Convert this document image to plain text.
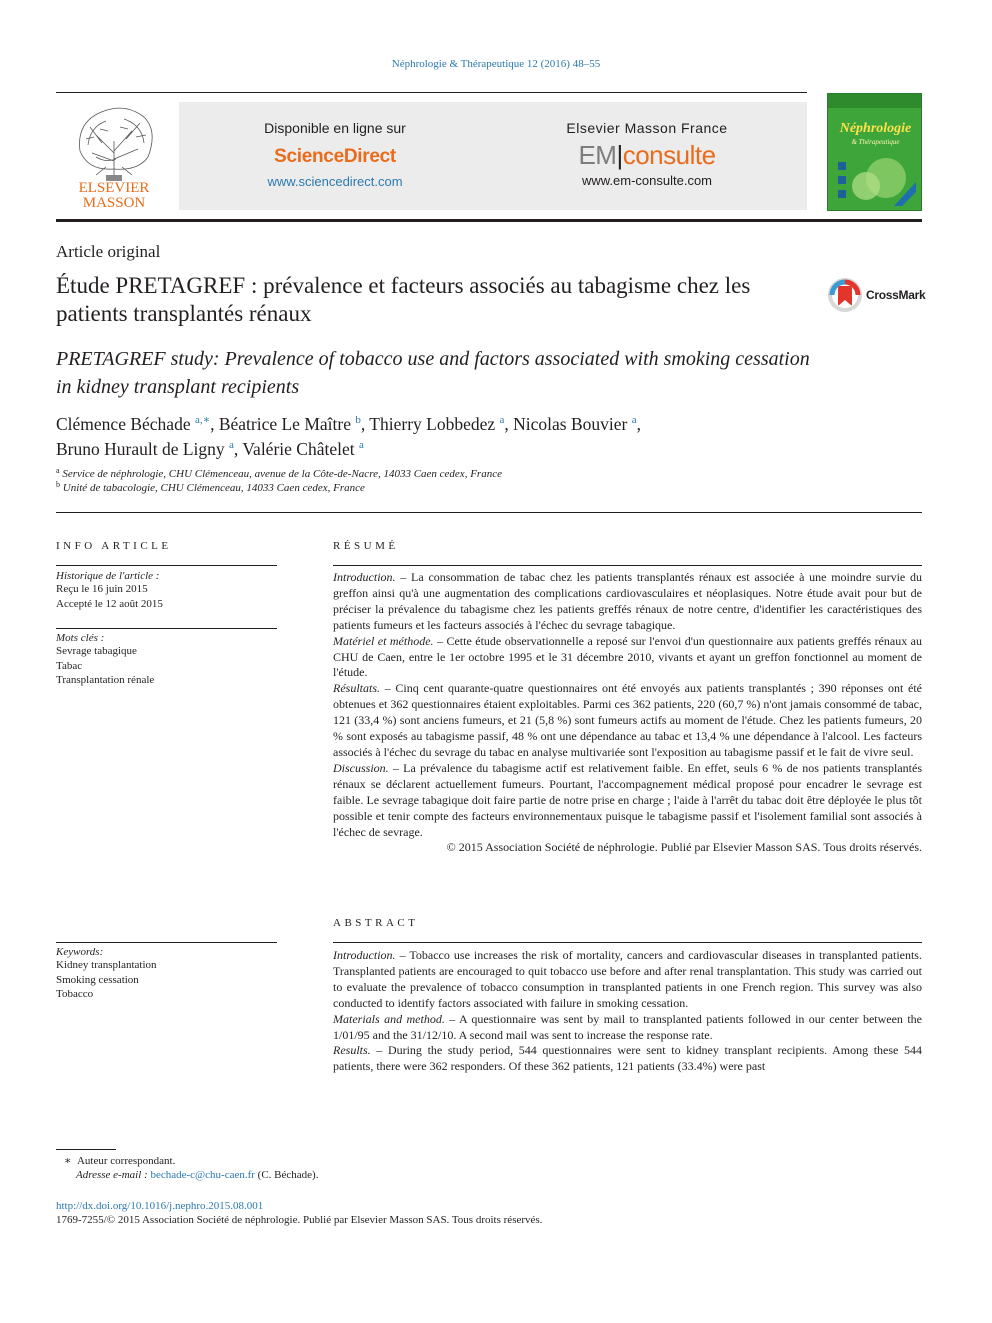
Néphrologie & Thérapeutique 12 (2016) 48–55
ELSEVIER
MASSON
Disponible en ligne sur
ScienceDirect
www.sciencedirect.com
Elsevier Masson France
EM|consulte
www.em-consulte.com
Néphrologie
& Thérapeutique
Article original
Étude PRETAGREF : prévalence et facteurs associés au tabagisme chez les patients transplantés rénaux
CrossMark
PRETAGREF study: Prevalence of tobacco use and factors associated with smoking cessation in kidney transplant recipients
Clémence Béchade $^{a,∗}$, Béatrice Le Maître $^b$, Thierry Lobbedez $^a$, Nicolas Bouvier $^a$,
Bruno Hurault de Ligny $^a$, Valérie Châtelet $^a$
$^a$ Service de néphrologie, CHU Clémenceau, avenue de la Côte-de-Nacre, 14033 Caen cedex, France
$^b$ Unité de tabacologie, CHU Clémenceau, 14033 Caen cedex, France
INFO ARTICLE
Historique de l'article :
Reçu le 16 juin 2015
Accepté le 12 août 2015
Mots clés :
Sevrage tabagique
Tabac
Transplantation rénale
Keywords:
Kidney transplantation
Smoking cessation
Tobacco
RÉSUMÉ

Introduction. – La consommation de tabac chez les patients transplantés rénaux est associée à une moindre survie du greffon ainsi qu'à une augmentation des complications cardiovasculaires et néoplasiques. Notre étude avait pour but de préciser la prévalence du tabagisme chez les patients greffés rénaux de notre centre, d'identifier les caractéristiques des patients fumeurs et les facteurs associés à l'échec du sevrage tabagique.

Matériel et méthode. – Cette étude observationnelle a reposé sur l'envoi d'un questionnaire aux patients greffés rénaux au CHU de Caen, entre le 1er octobre 1995 et le 31 décembre 2010, vivants et ayant un greffon fonctionnel au moment de l'étude.

Résultats. – Cinq cent quarante-quatre questionnaires ont été envoyés aux patients transplantés ; 390 réponses ont été obtenues et 362 questionnaires étaient exploitables. Parmi ces 362 patients, 220 (60,7 %) n'ont jamais consommé de tabac, 121 (33,4 %) sont anciens fumeurs, et 21 (5,8 %) sont fumeurs actifs au moment de l'étude. Chez les patients fumeurs, 20 % sont exposés au tabagisme passif, 48 % ont une dépendance au tabac et 13,4 % une dépendance à l'alcool. Les facteurs associés à l'échec du sevrage du tabac en analyse multivariée sont l'exposition au tabagisme passif et le fait de vivre seul.

Discussion. – La prévalence du tabagisme actif est relativement faible. En effet, seuls 6 % de nos patients transplantés rénaux se déclarent actuellement fumeurs. Pourtant, l'accompagnement médical proposé pour encadrer le sevrage est faible. Le sevrage tabagique doit faire partie de notre prise en charge ; l'aide à l'arrêt du tabac doit être déployée le plus tôt possible et tenir compte des facteurs environnementaux puisque le tabagisme passif et l'isolement familial sont associés à l'échec de sevrage.

© 2015 Association Société de néphrologie. Publié par Elsevier Masson SAS. Tous droits réservés.

ABSTRACT

Introduction. – Tobacco use increases the risk of mortality, cancers and cardiovascular diseases in transplanted patients. Transplanted patients are encouraged to quit tobacco use before and after renal transplantation. This study was carried out to evaluate the prevalence of tobacco consumption in transplanted patients in one French region. This survey was also conducted to identify factors associated with failure in smoking cessation.

Materials and method. – A questionnaire was sent by mail to transplanted patients followed in our center between the 1/01/95 and the 31/12/10. A second mail was sent to increase the response rate.

Results. – During the study period, 544 questionnaires were sent to kidney transplant recipients. Among these 544 patients, there were 362 responders. Of these 362 patients, 121 patients (33.4%) were past

∗ Auteur correspondant.
Adresse e-mail : bechade-c@chu-caen.fr (C. Béchade).
http://dx.doi.org/10.1016/j.nephro.2015.08.001
1769-7255/© 2015 Association Société de néphrologie. Publié par Elsevier Masson SAS. Tous droits réservés.
